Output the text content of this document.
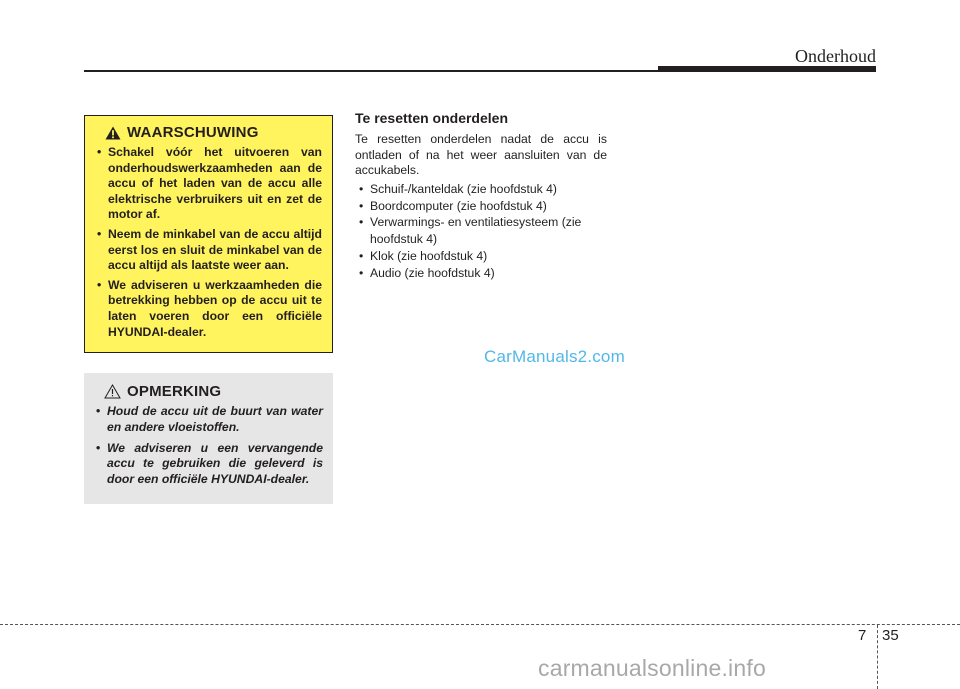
Onderhoud
WAARSCHUWING
• Schakel vóór het uitvoeren van onderhoudswerkzaamheden aan de accu of het laden van de accu alle elektrische verbruikers uit en zet de motor af.
• Neem de minkabel van de accu altijd eerst los en sluit de minkabel van de accu altijd als laatste weer aan.
• We adviseren u werkzaamheden die betrekking hebben op de accu uit te laten voeren door een officiële HYUNDAI-dealer.
OPMERKING
• Houd de accu uit de buurt van water en andere vloeistoffen.
• We adviseren u een vervangende accu te gebruiken die geleverd is door een officiële HYUNDAI-dealer.
Te resetten onderdelen

Te resetten onderdelen nadat de accu is ontladen of na het weer aansluiten van de accukabels.

• Schuif-/kanteldak (zie hoofdstuk 4)
• Boordcomputer (zie hoofdstuk 4)
• Verwarmings- en ventilatiesysteem (zie hoofdstuk 4)
• Klok (zie hoofdstuk 4)
• Audio (zie hoofdstuk 4)
CarManuals2.com
7 35
carmanualsonline.info
